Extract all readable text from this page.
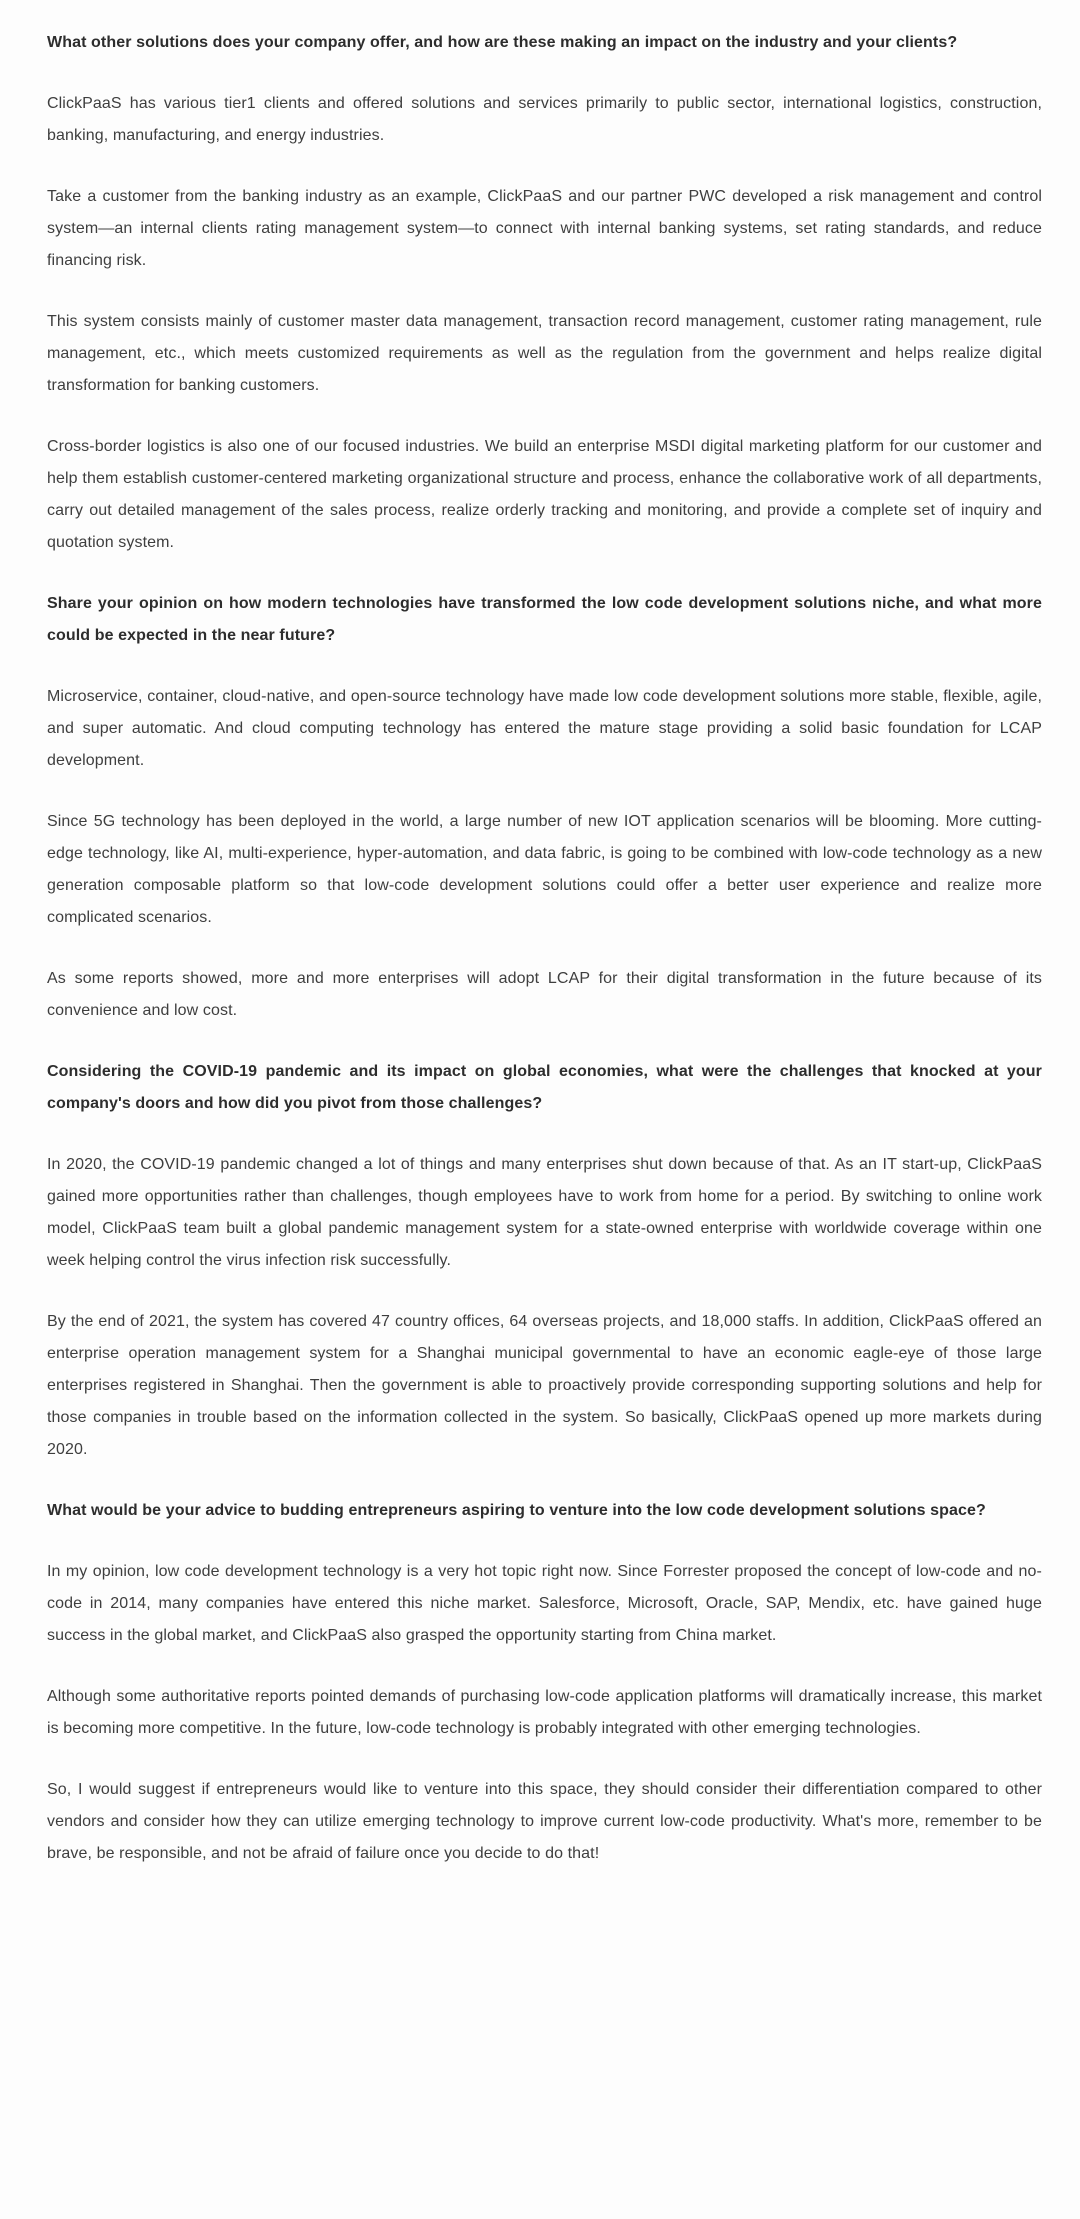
What other solutions does your company offer, and how are these making an impact on the industry and your clients?

ClickPaaS has various tier1 clients and offered solutions and services primarily to public sector, international logistics, construction, banking, manufacturing, and energy industries.

Take a customer from the banking industry as an example, ClickPaaS and our partner PWC developed a risk management and control system—an internal clients rating management system—to connect with internal banking systems, set rating standards, and reduce financing risk.

This system consists mainly of customer master data management, transaction record management, customer rating management, rule management, etc., which meets customized requirements as well as the regulation from the government and helps realize digital transformation for banking customers.

Cross-border logistics is also one of our focused industries. We build an enterprise MSDI digital marketing platform for our customer and help them establish customer-centered marketing organizational structure and process, enhance the collaborative work of all departments, carry out detailed management of the sales process, realize orderly tracking and monitoring, and provide a complete set of inquiry and quotation system.

Share your opinion on how modern technologies have transformed the low code development solutions niche, and what more could be expected in the near future?

Microservice, container, cloud-native, and open-source technology have made low code development solutions more stable, flexible, agile, and super automatic. And cloud computing technology has entered the mature stage providing a solid basic foundation for LCAP development.

Since 5G technology has been deployed in the world, a large number of new IOT application scenarios will be blooming. More cutting-edge technology, like AI, multi-experience, hyper-automation, and data fabric, is going to be combined with low-code technology as a new generation composable platform so that low-code development solutions could offer a better user experience and realize more complicated scenarios.

As some reports showed, more and more enterprises will adopt LCAP for their digital transformation in the future because of its convenience and low cost.

Considering the COVID-19 pandemic and its impact on global economies, what were the challenges that knocked at your company's doors and how did you pivot from those challenges?

In 2020, the COVID-19 pandemic changed a lot of things and many enterprises shut down because of that. As an IT start-up, ClickPaaS gained more opportunities rather than challenges, though employees have to work from home for a period. By switching to online work model, ClickPaaS team built a global pandemic management system for a state-owned enterprise with worldwide coverage within one week helping control the virus infection risk successfully.

By the end of 2021, the system has covered 47 country offices, 64 overseas projects, and 18,000 staffs. In addition, ClickPaaS offered an enterprise operation management system for a Shanghai municipal governmental to have an economic eagle-eye of those large enterprises registered in Shanghai. Then the government is able to proactively provide corresponding supporting solutions and help for those companies in trouble based on the information collected in the system. So basically, ClickPaaS opened up more markets during 2020.

What would be your advice to budding entrepreneurs aspiring to venture into the low code development solutions space?

In my opinion, low code development technology is a very hot topic right now. Since Forrester proposed the concept of low-code and no-code in 2014, many companies have entered this niche market. Salesforce, Microsoft, Oracle, SAP, Mendix, etc. have gained huge success in the global market, and ClickPaaS also grasped the opportunity starting from China market.

Although some authoritative reports pointed demands of purchasing low-code application platforms will dramatically increase, this market is becoming more competitive. In the future, low-code technology is probably integrated with other emerging technologies.

So, I would suggest if entrepreneurs would like to venture into this space, they should consider their differentiation compared to other vendors and consider how they can utilize emerging technology to improve current low-code productivity. What's more, remember to be brave, be responsible, and not be afraid of failure once you decide to do that!
